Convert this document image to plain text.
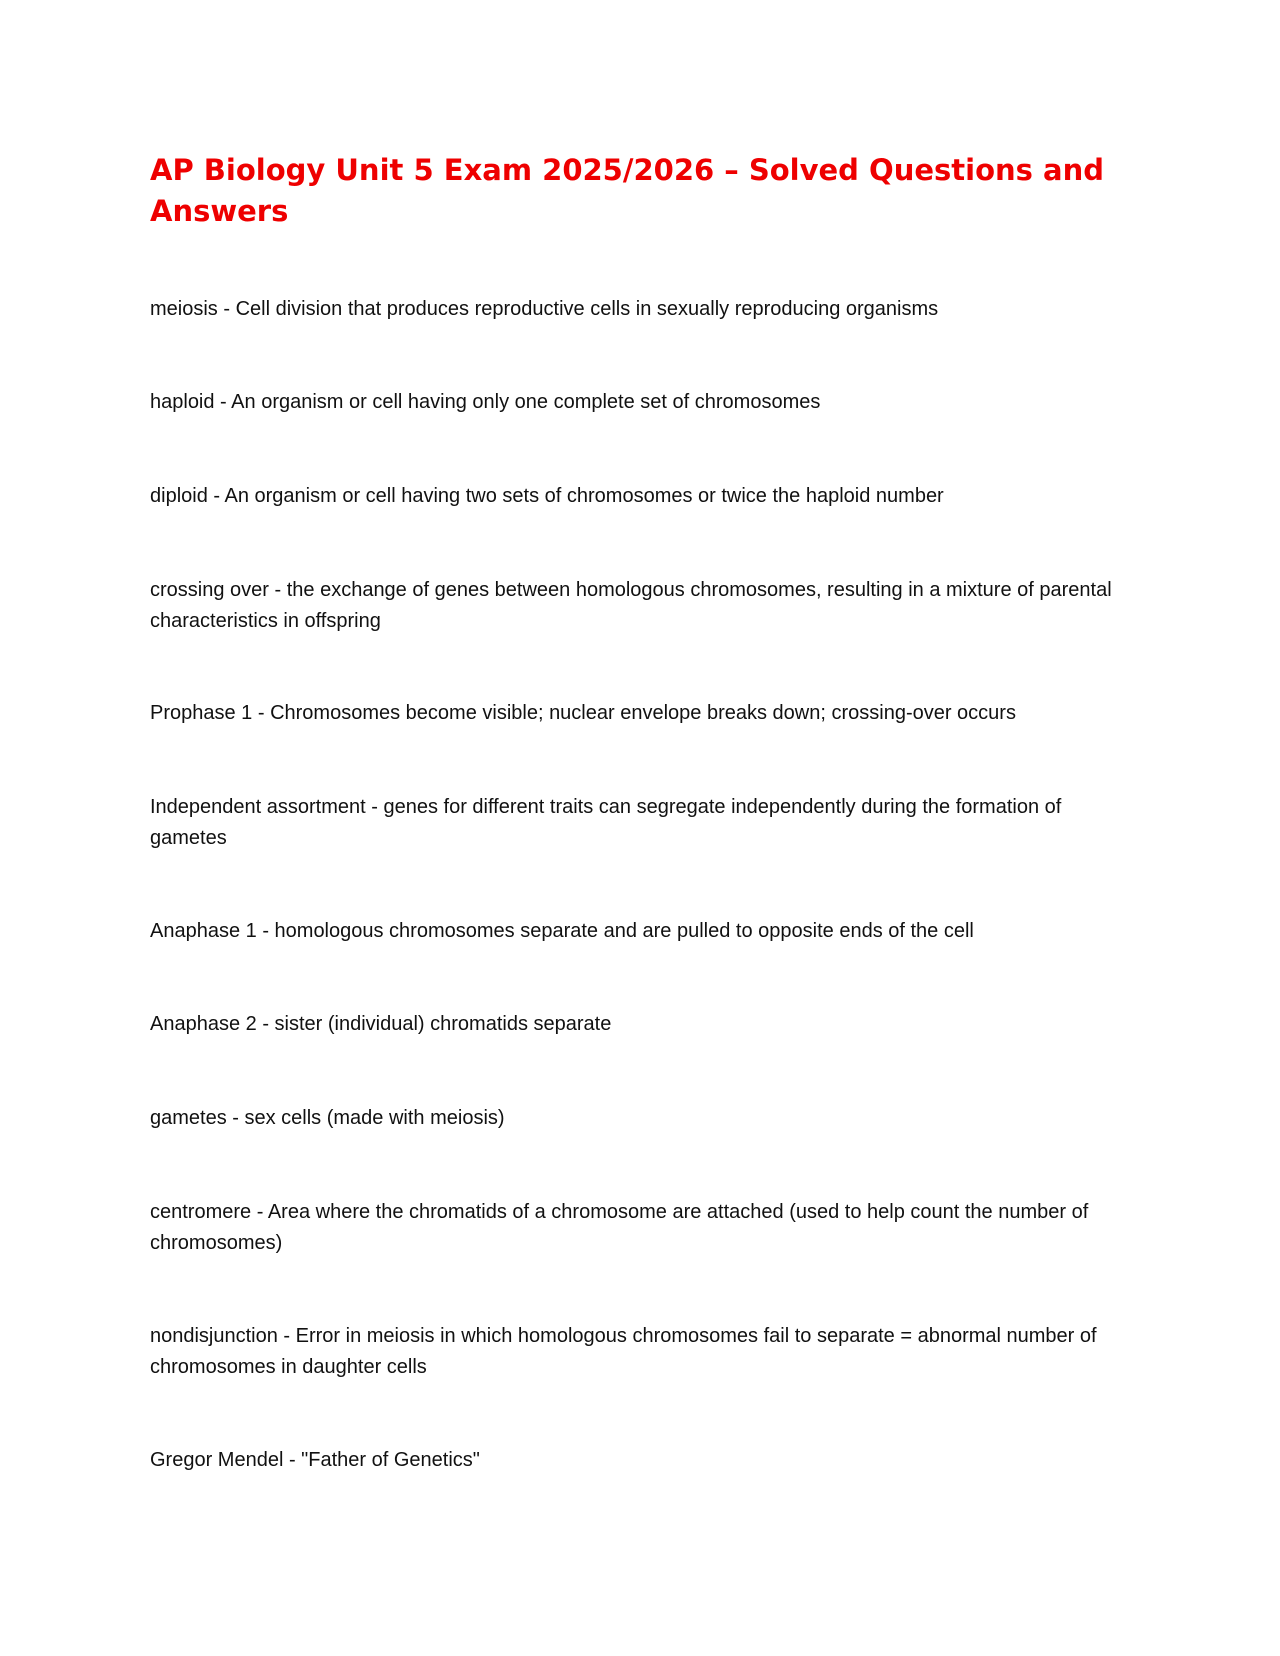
AP Biology Unit 5 Exam 2025/2026 – Solved Questions and Answers
meiosis - Cell division that produces reproductive cells in sexually reproducing organisms
haploid - An organism or cell having only one complete set of chromosomes
diploid - An organism or cell having two sets of chromosomes or twice the haploid number
crossing over - the exchange of genes between homologous chromosomes, resulting in a mixture of parental characteristics in offspring
Prophase 1 - Chromosomes become visible; nuclear envelope breaks down; crossing-over occurs
Independent assortment - genes for different traits can segregate independently during the formation of gametes
Anaphase 1 - homologous chromosomes separate and are pulled to opposite ends of the cell
Anaphase 2 - sister (individual) chromatids separate
gametes - sex cells (made with meiosis)
centromere - Area where the chromatids of a chromosome are attached (used to help count the number of chromosomes)
nondisjunction - Error in meiosis in which homologous chromosomes fail to separate = abnormal number of chromosomes in daughter cells
Gregor Mendel - "Father of Genetics"
